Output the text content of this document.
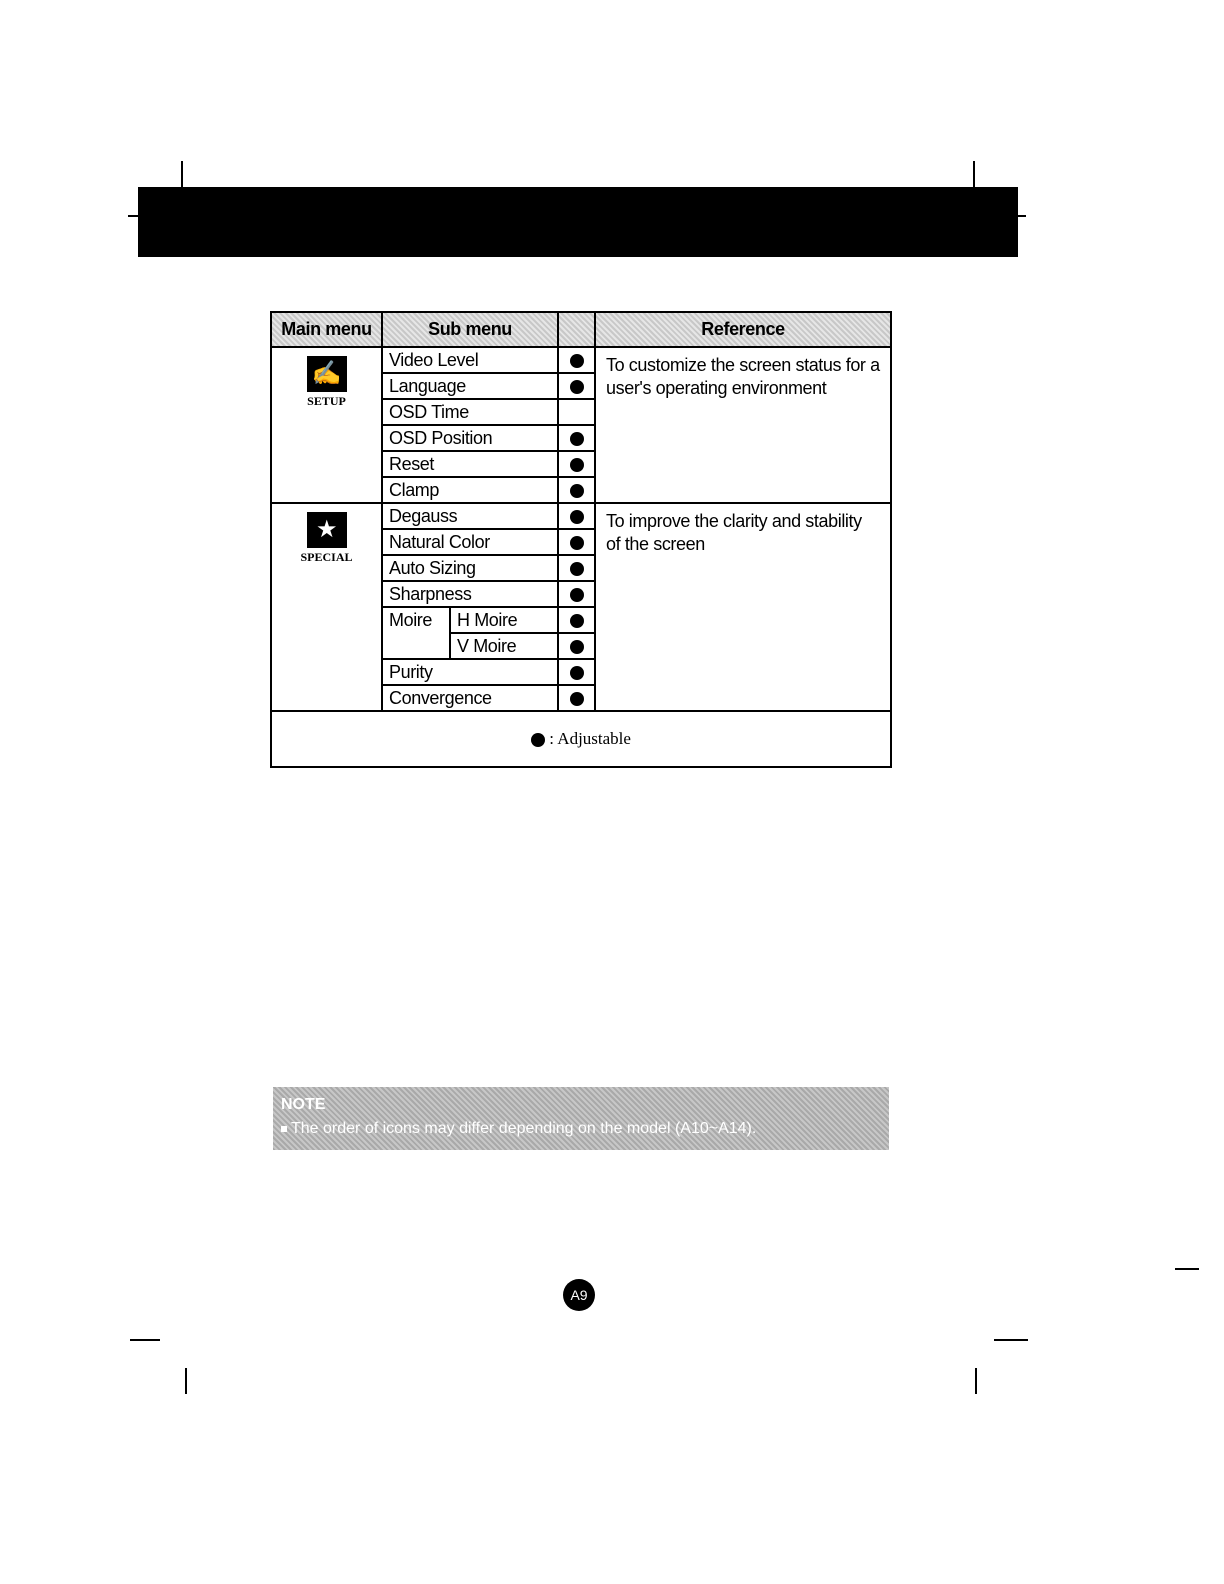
Main menu	Sub menu			Reference
✍
SETUP	Video Level			To customize the screen status for a user's operating environment
	Language			
	OSD Time			
	OSD Position			
	Reset			
	Clamp			
★
SPECIAL	Degauss			To improve the clarity and stability of the screen
	Natural Color			
	Auto Sizing			
	Sharpness			
	Moire	H Moire		
		V Moire		
	Purity			
	Convergence			
: Adjustable				
NOTE
The order of icons may differ depending on the model (A10~A14).
A9
